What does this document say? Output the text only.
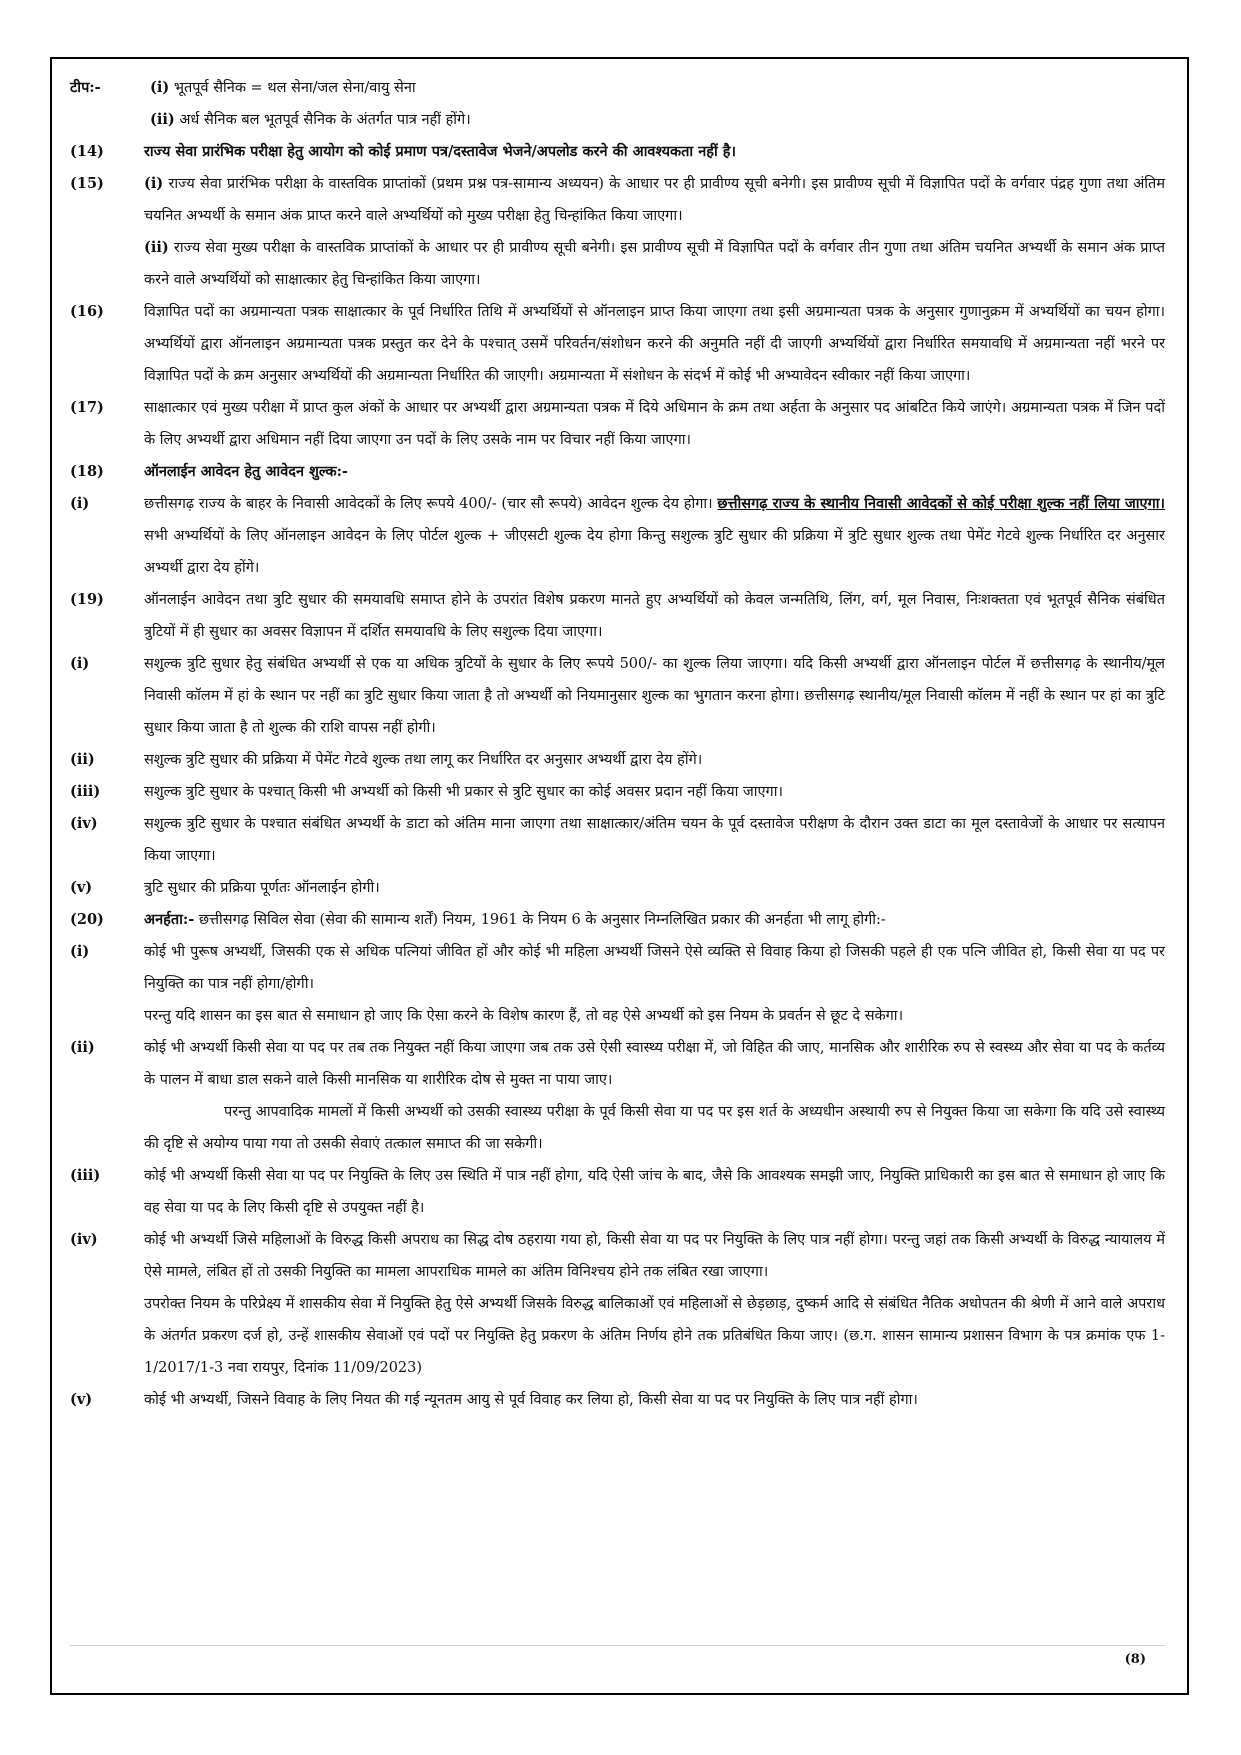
टीप:-	(i) भूतपूर्व सैनिक = थल सेना/जल सेना/वायु सेना
(ii) अर्ध सैनिक बल भूतपूर्व सैनिक के अंतर्गत पात्र नहीं होंगे।
(14)	राज्य सेवा प्रारंभिक परीक्षा हेतु आयोग को कोई प्रमाण पत्र/दस्तावेज भेजने/अपलोड करने की आवश्यकता नहीं है।
(15)	(i) राज्य सेवा प्रारंभिक परीक्षा के वास्तविक प्राप्तांकों (प्रथम प्रश्न पत्र-सामान्य अध्ययन) के आधार पर ही प्रावीण्य सूची बनेगी। इस प्रावीण्य सूची में विज्ञापित पदों के वर्गवार पंद्रह गुणा तथा अंतिम चयनित अभ्यर्थी के समान अंक प्राप्त करने वाले अभ्यर्थियों को मुख्य परीक्षा हेतु चिन्हांकित किया जाएगा।
(ii) राज्य सेवा मुख्य परीक्षा के वास्तविक प्राप्तांकों के आधार पर ही प्रावीण्य सूची बनेगी। इस प्रावीण्य सूची में विज्ञापित पदों के वर्गवार तीन गुणा तथा अंतिम चयनित अभ्यर्थी के समान अंक प्राप्त करने वाले अभ्यर्थियों को साक्षात्कार हेतु चिन्हांकित किया जाएगा।
(16)	विज्ञापित पदों का अग्रमान्यता पत्रक साक्षात्कार के पूर्व निर्धारित तिथि में अभ्यर्थियों से ऑनलाइन प्राप्त किया जाएगा तथा इसी अग्रमान्यता पत्रक के अनुसार गुणानुक्रम में अभ्यर्थियों का चयन होगा। अभ्यर्थियों द्वारा ऑनलाइन अग्रमान्यता पत्रक प्रस्तुत कर देने के पश्चात् उसमें परिवर्तन/संशोधन करने की अनुमति नहीं दी जाएगी अभ्यर्थियों द्वारा निर्धारित समयावधि में अग्रमान्यता नहीं भरने पर विज्ञापित पदों के क्रम अनुसार अभ्यर्थियों की अग्रमान्यता निर्धारित की जाएगी। अग्रमान्यता में संशोधन के संदर्भ में कोई भी अभ्यावेदन स्वीकार नहीं किया जाएगा।
(17)	साक्षात्कार एवं मुख्य परीक्षा में प्राप्त कुल अंकों के आधार पर अभ्यर्थी द्वारा अग्रमान्यता पत्रक में दिये अधिमान के क्रम तथा अर्हता के अनुसार पद आंबटित किये जाएंगे। अग्रमान्यता पत्रक में जिन पदों के लिए अभ्यर्थी द्वारा अधिमान नहीं दिया जाएगा उन पदों के लिए उसके नाम पर विचार नहीं किया जाएगा।
(18)	ऑनलाईन आवेदन हेतु आवेदन शुल्क:-
(i)	छत्तीसगढ़ राज्य के बाहर के निवासी आवेदकों के लिए रूपये 400/- (चार सौ रूपये) आवेदन शुल्क देय होगा। छत्तीसगढ़ राज्य के स्थानीय निवासी आवेदकों से कोई परीक्षा शुल्क नहीं लिया जाएगा। सभी अभ्यर्थियों के लिए ऑनलाइन आवेदन के लिए पोर्टल शुल्क + जीएसटी शुल्क देय होगा किन्तु सशुल्क त्रुटि सुधार की प्रक्रिया में त्रुटि सुधार शुल्क तथा पेमेंट गेटवे शुल्क निर्धारित दर अनुसार अभ्यर्थी द्वारा देय होंगे।
(19)	ऑनलाईन आवेदन तथा त्रुटि सुधार की समयावधि समाप्त होने के उपरांत विशेष प्रकरण मानते हुए अभ्यर्थियों को केवल जन्मतिथि, लिंग, वर्ग, मूल निवास, निःशक्तता एवं भूतपूर्व सैनिक संबंधित त्रुटियों में ही सुधार का अवसर विज्ञापन में दर्शित समयावधि के लिए सशुल्क दिया जाएगा।
(i)	सशुल्क त्रुटि सुधार हेतु संबंधित अभ्यर्थी से एक या अधिक त्रुटियों के सुधार के लिए रूपये 500/- का शुल्क लिया जाएगा। यदि किसी अभ्यर्थी द्वारा ऑनलाइन पोर्टल में छत्तीसगढ़ के स्थानीय/मूल निवासी कॉलम में हां के स्थान पर नहीं का त्रुटि सुधार किया जाता है तो अभ्यर्थी को नियमानुसार शुल्क का भुगतान करना होगा। छत्तीसगढ़ स्थानीय/मूल निवासी कॉलम में नहीं के स्थान पर हां का त्रुटि सुधार किया जाता है तो शुल्क की राशि वापस नहीं होगी।
(ii)	सशुल्क त्रुटि सुधार की प्रक्रिया में पेमेंट गेटवे शुल्क तथा लागू कर निर्धारित दर अनुसार अभ्यर्थी द्वारा देय होंगे।
(iii)	सशुल्क त्रुटि सुधार के पश्चात् किसी भी अभ्यर्थी को किसी भी प्रकार से त्रुटि सुधार का कोई अवसर प्रदान नहीं किया जाएगा।
(iv)	सशुल्क त्रुटि सुधार के पश्चात संबंधित अभ्यर्थी के डाटा को अंतिम माना जाएगा तथा साक्षात्कार/अंतिम चयन के पूर्व दस्तावेज परीक्षण के दौरान उक्त डाटा का मूल दस्तावेजों के आधार पर सत्यापन किया जाएगा।
(v)	त्रुटि सुधार की प्रक्रिया पूर्णतः ऑनलाईन होगी।
(20)	अनर्हता:- छत्तीसगढ़ सिविल सेवा (सेवा की सामान्य शर्तें) नियम, 1961 के नियम 6 के अनुसार निम्नलिखित प्रकार की अनर्हता भी लागू होगी:-
(i)	कोई भी पुरूष अभ्यर्थी, जिसकी एक से अधिक पत्नियां जीवित हों और कोई भी महिला अभ्यर्थी जिसने ऐसे व्यक्ति से विवाह किया हो जिसकी पहले ही एक पत्नि जीवित हो, किसी सेवा या पद पर नियुक्ति का पात्र नहीं होगा/होगी।
परन्तु यदि शासन का इस बात से समाधान हो जाए कि ऐसा करने के विशेष कारण हैं, तो वह ऐसे अभ्यर्थी को इस नियम के प्रवर्तन से छूट दे सकेगा।
(ii)	कोई भी अभ्यर्थी किसी सेवा या पद पर तब तक नियुक्त नहीं किया जाएगा जब तक उसे ऐसी स्वास्थ्य परीक्षा में, जो विहित की जाए, मानसिक और शारीरिक रुप से स्वस्थ्य और सेवा या पद के कर्तव्य के पालन में बाधा डाल सकने वाले किसी मानसिक या शारीरिक दोष से मुक्त ना पाया जाए।
परन्तु आपवादिक मामलों में किसी अभ्यर्थी को उसकी स्वास्थ्य परीक्षा के पूर्व किसी सेवा या पद पर इस शर्त के अध्यधीन अस्थायी रुप से नियुक्त किया जा सकेगा कि यदि उसे स्वास्थ्य की दृष्टि से अयोग्य पाया गया तो उसकी सेवाएं तत्काल समाप्त की जा सकेगी।
(iii)	कोई भी अभ्यर्थी किसी सेवा या पद पर नियुक्ति के लिए उस स्थिति में पात्र नहीं होगा, यदि ऐसी जांच के बाद, जैसे कि आवश्यक समझी जाए, नियुक्ति प्राधिकारी का इस बात से समाधान हो जाए कि वह सेवा या पद के लिए किसी दृष्टि से उपयुक्त नहीं है।
(iv)	कोई भी अभ्यर्थी जिसे महिलाओं के विरुद्ध किसी अपराध का सिद्ध दोष ठहराया गया हो, किसी सेवा या पद पर नियुक्ति के लिए पात्र नहीं होगा। परन्तु जहां तक किसी अभ्यर्थी के विरुद्ध न्यायालय में ऐसे मामले, लंबित हों तो उसकी नियुक्ति का मामला आपराधिक मामले का अंतिम विनिश्चय होने तक लंबित रखा जाएगा।
उपरोक्त नियम के परिप्रेक्ष्य में शासकीय सेवा में नियुक्ति हेतु ऐसे अभ्यर्थी जिसके विरुद्ध बालिकाओं एवं महिलाओं से छेड़छाड़, दुष्कर्म आदि से संबंधित नैतिक अधोपतन की श्रेणी में आने वाले अपराध के अंतर्गत प्रकरण दर्ज हो, उन्हें शासकीय सेवाओं एवं पदों पर नियुक्ति हेतु प्रकरण के अंतिम निर्णय होने तक प्रतिबंधित किया जाए। (छ.ग. शासन सामान्य प्रशासन विभाग के पत्र क्रमांक एफ 1-1/2017/1-3 नवा रायपुर, दिनांक 11/09/2023)
(v)	कोई भी अभ्यर्थी, जिसने विवाह के लिए नियत की गई न्यूनतम आयु से पूर्व विवाह कर लिया हो, किसी सेवा या पद पर नियुक्ति के लिए पात्र नहीं होगा।
(8)
